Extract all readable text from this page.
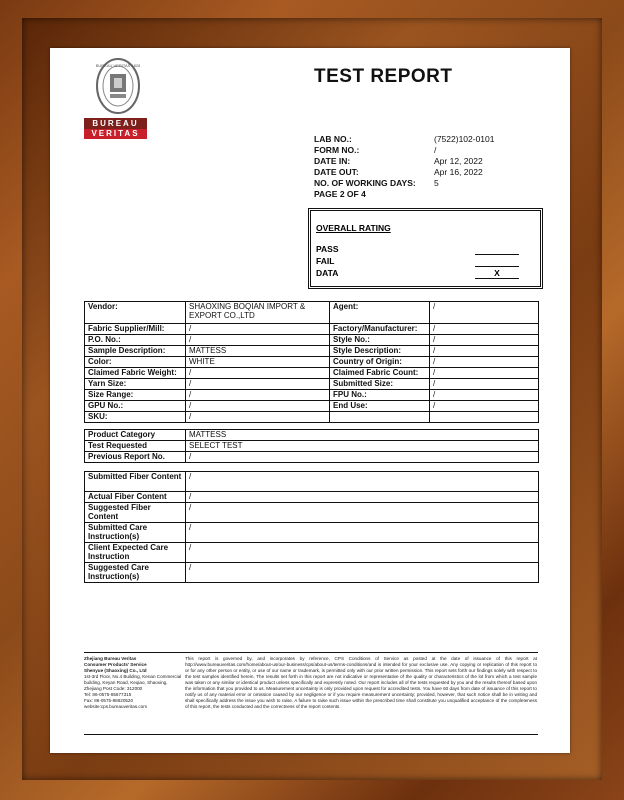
BUREAU VERITAS 1828
BUREAU
VERITAS
TEST REPORT
LAB NO.:	(7522)102-0101
FORM NO.:	/
DATE IN:	Apr 12, 2022
DATE OUT:	Apr 16, 2022
NO. OF WORKING DAYS: 5
PAGE 2 OF 4
OVERALL RATING
PASS
FAIL
DATA	X
Vendor:	SHAOXING BOQIAN IMPORT & EXPORT CO.,LTD	Agent:	/
Fabric Supplier/Mill:	/	Factory/Manufacturer:	/
P.O. No.:	/	Style No.:	/
Sample Description:	MATTESS	Style Description:	/
Color:	WHITE	Country of Origin:	/
Claimed Fabric Weight:	/	Claimed Fabric Count:	/
Yarn Size:	/	Submitted Size:	/
Size Range:	/	FPU No.:	/
GPU No.:	/	End Use:	/
SKU:	/		
Product Category	MATTESS
Test Requested	SELECT TEST
Previous Report No.	/
Submitted Fiber Content	/
Actual Fiber Content	/
Suggested Fiber Content	/
Submitted Care Instruction(s)	/
Client Expected Care Instruction	/
Suggested Care Instruction(s)	/
Zhejiang Bureau Veritas
Consumer Products' Service
Shenyue (Shaoxing) Co., Ltd
1st-3rd Floor, No.4 Building, Kenan Commercial building, Keyan Road, Keqiao, Shaoxing, Zhejiang Post Code: 312000
Tel: 86-0575-85677315
Fax: 86-0575-88620520
website:cps.bureauveritas.com
This report is governed by, and incorporates by reference, CPS Conditions of Service as posted at the date of issuance of this report at http://www.bureauveritas.com/home/about-us/our-business/cps/about-us/terms-conditions/and is intended for your exclusive use. Any copying or replication of this report to or for any other person or entity, or use of our name or trademark, is permitted only with our prior written permission. This report sets forth our findings solely with respect to the test samples identified herein. The results set forth in this report are not indicative or representative of the quality or characteristics of the lot from which a test sample was taken or any similar or identical product unless specifically and expressly noted. Our report includes all of the tests requested by you and the results thereof based upon the information that you provided to us. Measurement uncertainty is only provided upon request for accredited tests. You have 60 days from date of issuance of this report to notify us of any material error or omission caused by our negligence or if you require measurement uncertainty; provided, however, that such notice shall be in writing and shall specifically address the issue you wish to raise. A failure to raise such issue within the prescribed time shall constitute you unqualified acceptance of the completeness of this report, the tests conducted and the correctness of the report contents.
